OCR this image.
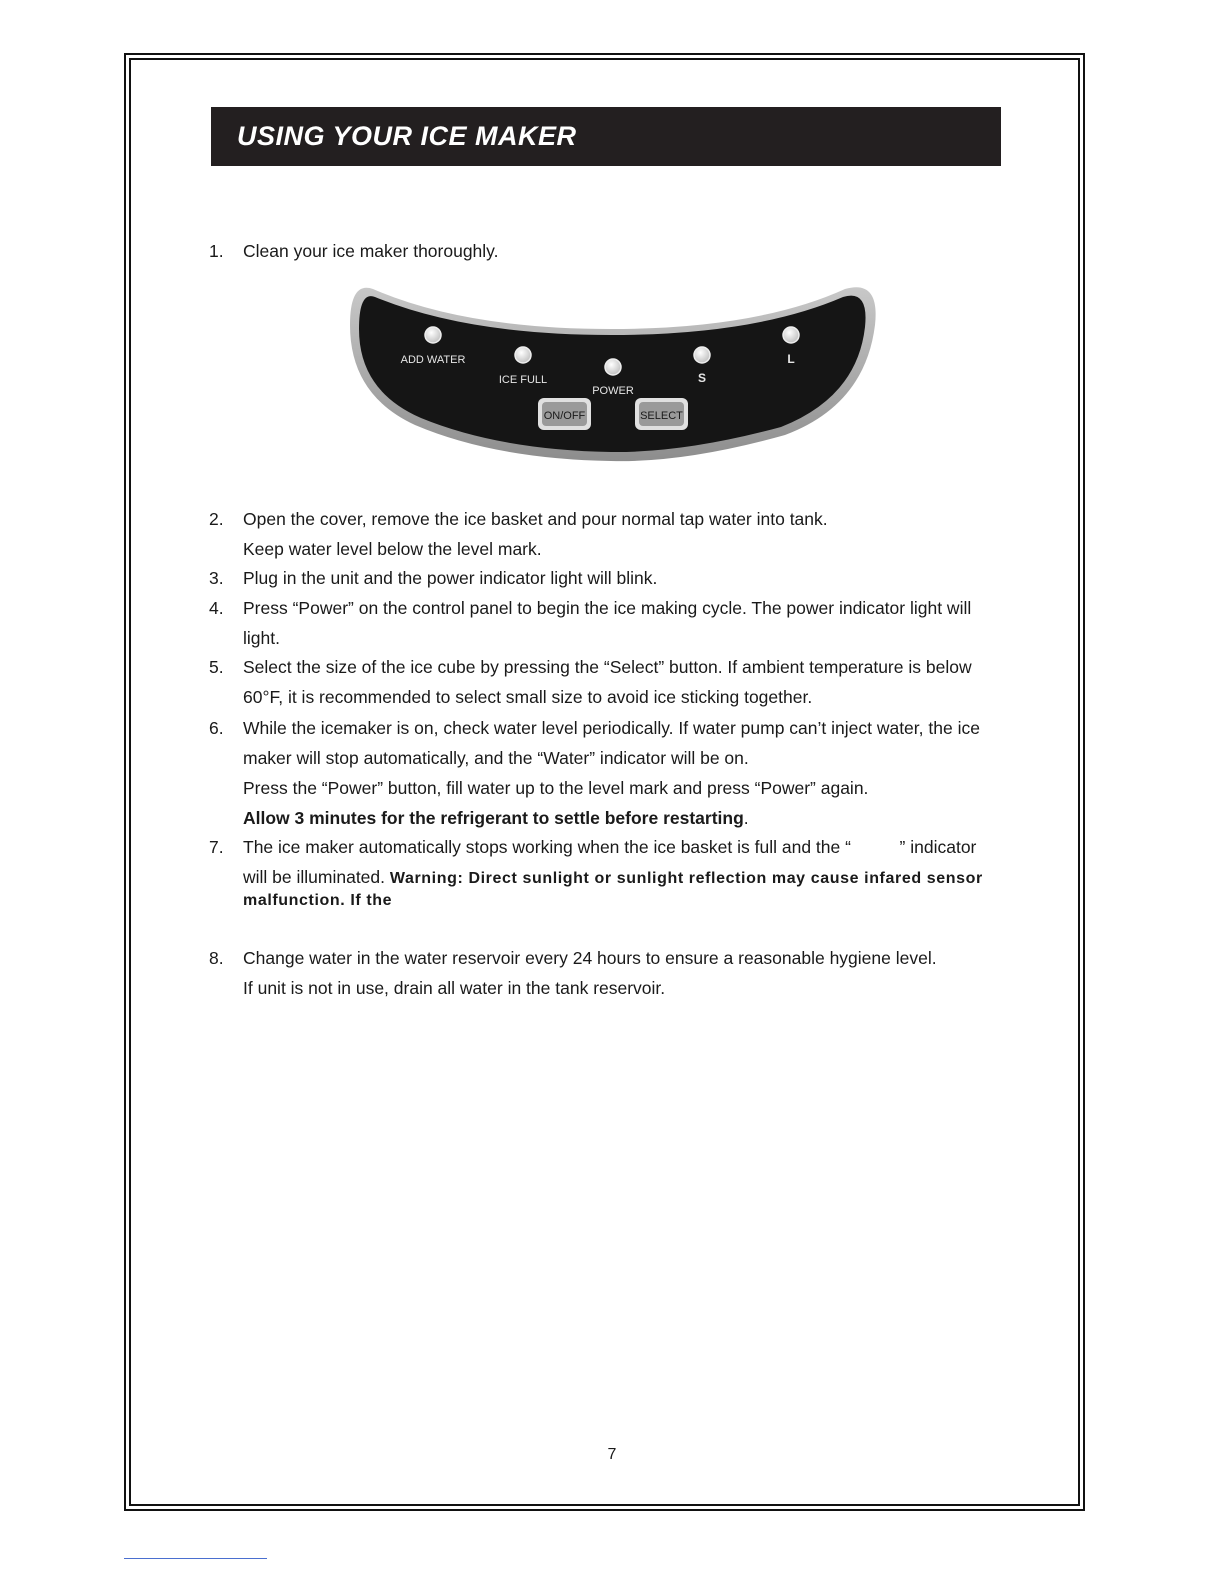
USING YOUR ICE MAKER
1. Clean your ice maker thoroughly.
ADD WATER
ICE FULL
POWER
S
L
ON/OFF	SELECT
2. Open the cover, remove the ice basket and pour normal tap water into tank.
Keep water level below the level mark.
3. Plug in the unit and the power indicator light will blink.
4. Press “Power” on the control panel to begin the ice making cycle. The power indicator light will
light.
5. Select the size of the ice cube by pressing the “Select” button. If ambient temperature is below
60°F, it is recommended to select small size to avoid ice sticking together.
6. While the icemaker is on, check water level periodically. If water pump can’t inject water, the ice
maker will stop automatically, and the “Water” indicator will be on.
Press the “Power” button, fill water up to the level mark and press “Power” again.
Allow 3 minutes for the refrigerant to settle before restarting.
7. The ice maker automatically stops working when the ice basket is full and the “          ” indicator
will be illuminated. Warning: Direct sunlight or sunlight reflection may cause infared sensor
malfunction. If the
8. Change water in the water reservoir every 24 hours to ensure a reasonable hygiene level.
If unit is not in use, drain all water in the tank reservoir.
7
